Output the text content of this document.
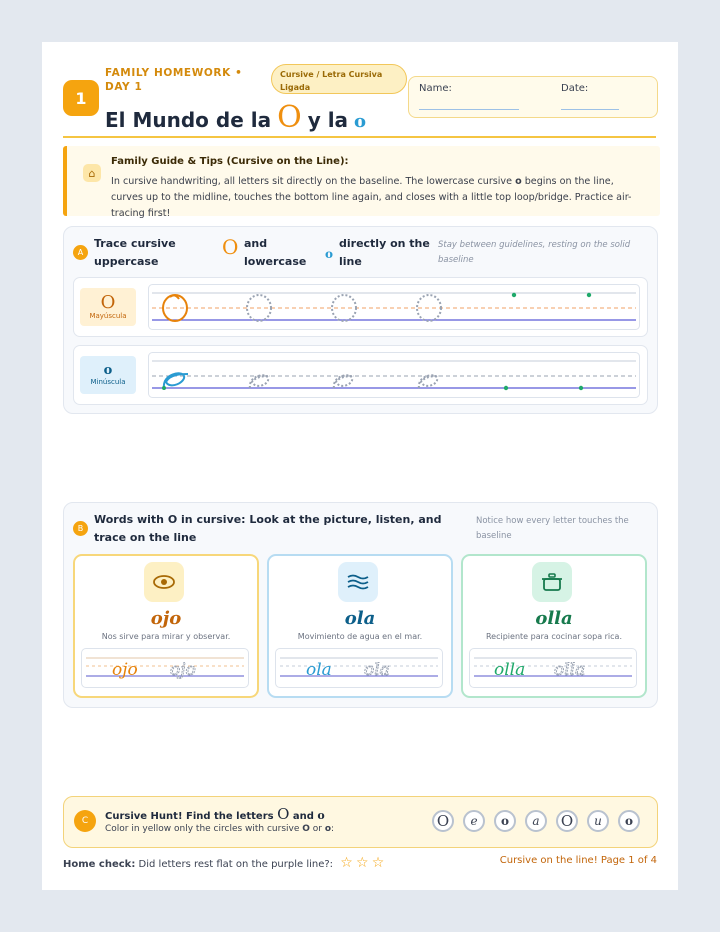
1
FAMILY HOMEWORK • DAY 1
Cursive / Letra Cursiva Ligada
El Mundo de la O y la o
Name:	Date:
⌂
Family Guide & Tips (Cursive on the Line):
In cursive handwriting, all letters sit directly on the baseline. The lowercase cursive o begins on the line, curves up to the midline, touches the bottom line again, and closes with a little top loop/bridge. Practice air-tracing first!
A
Trace cursive uppercase
O and lowercase
o
directly on the line
Stay between guidelines, resting on the solid baseline
O
Mayúscula
o
Minúscula
B
Words with O in cursive: Look at the picture, listen, and trace on the line
Notice how every letter touches the baseline
ojo
Nos sirve para mirar y observar.
ojo ojo
ola
Movimiento de agua en el mar.
ola ola
olla
Recipiente para cocinar sopa rica.
olla olla
C	Cursive Hunt! Find the letters O and o
Color in yellow only the circles with cursive O or o:	O	e	o	a	O	u	o
Home check: Did letters rest flat on the purple line?: ☆ ☆ ☆	Cursive on the line! Page 1 of 4
